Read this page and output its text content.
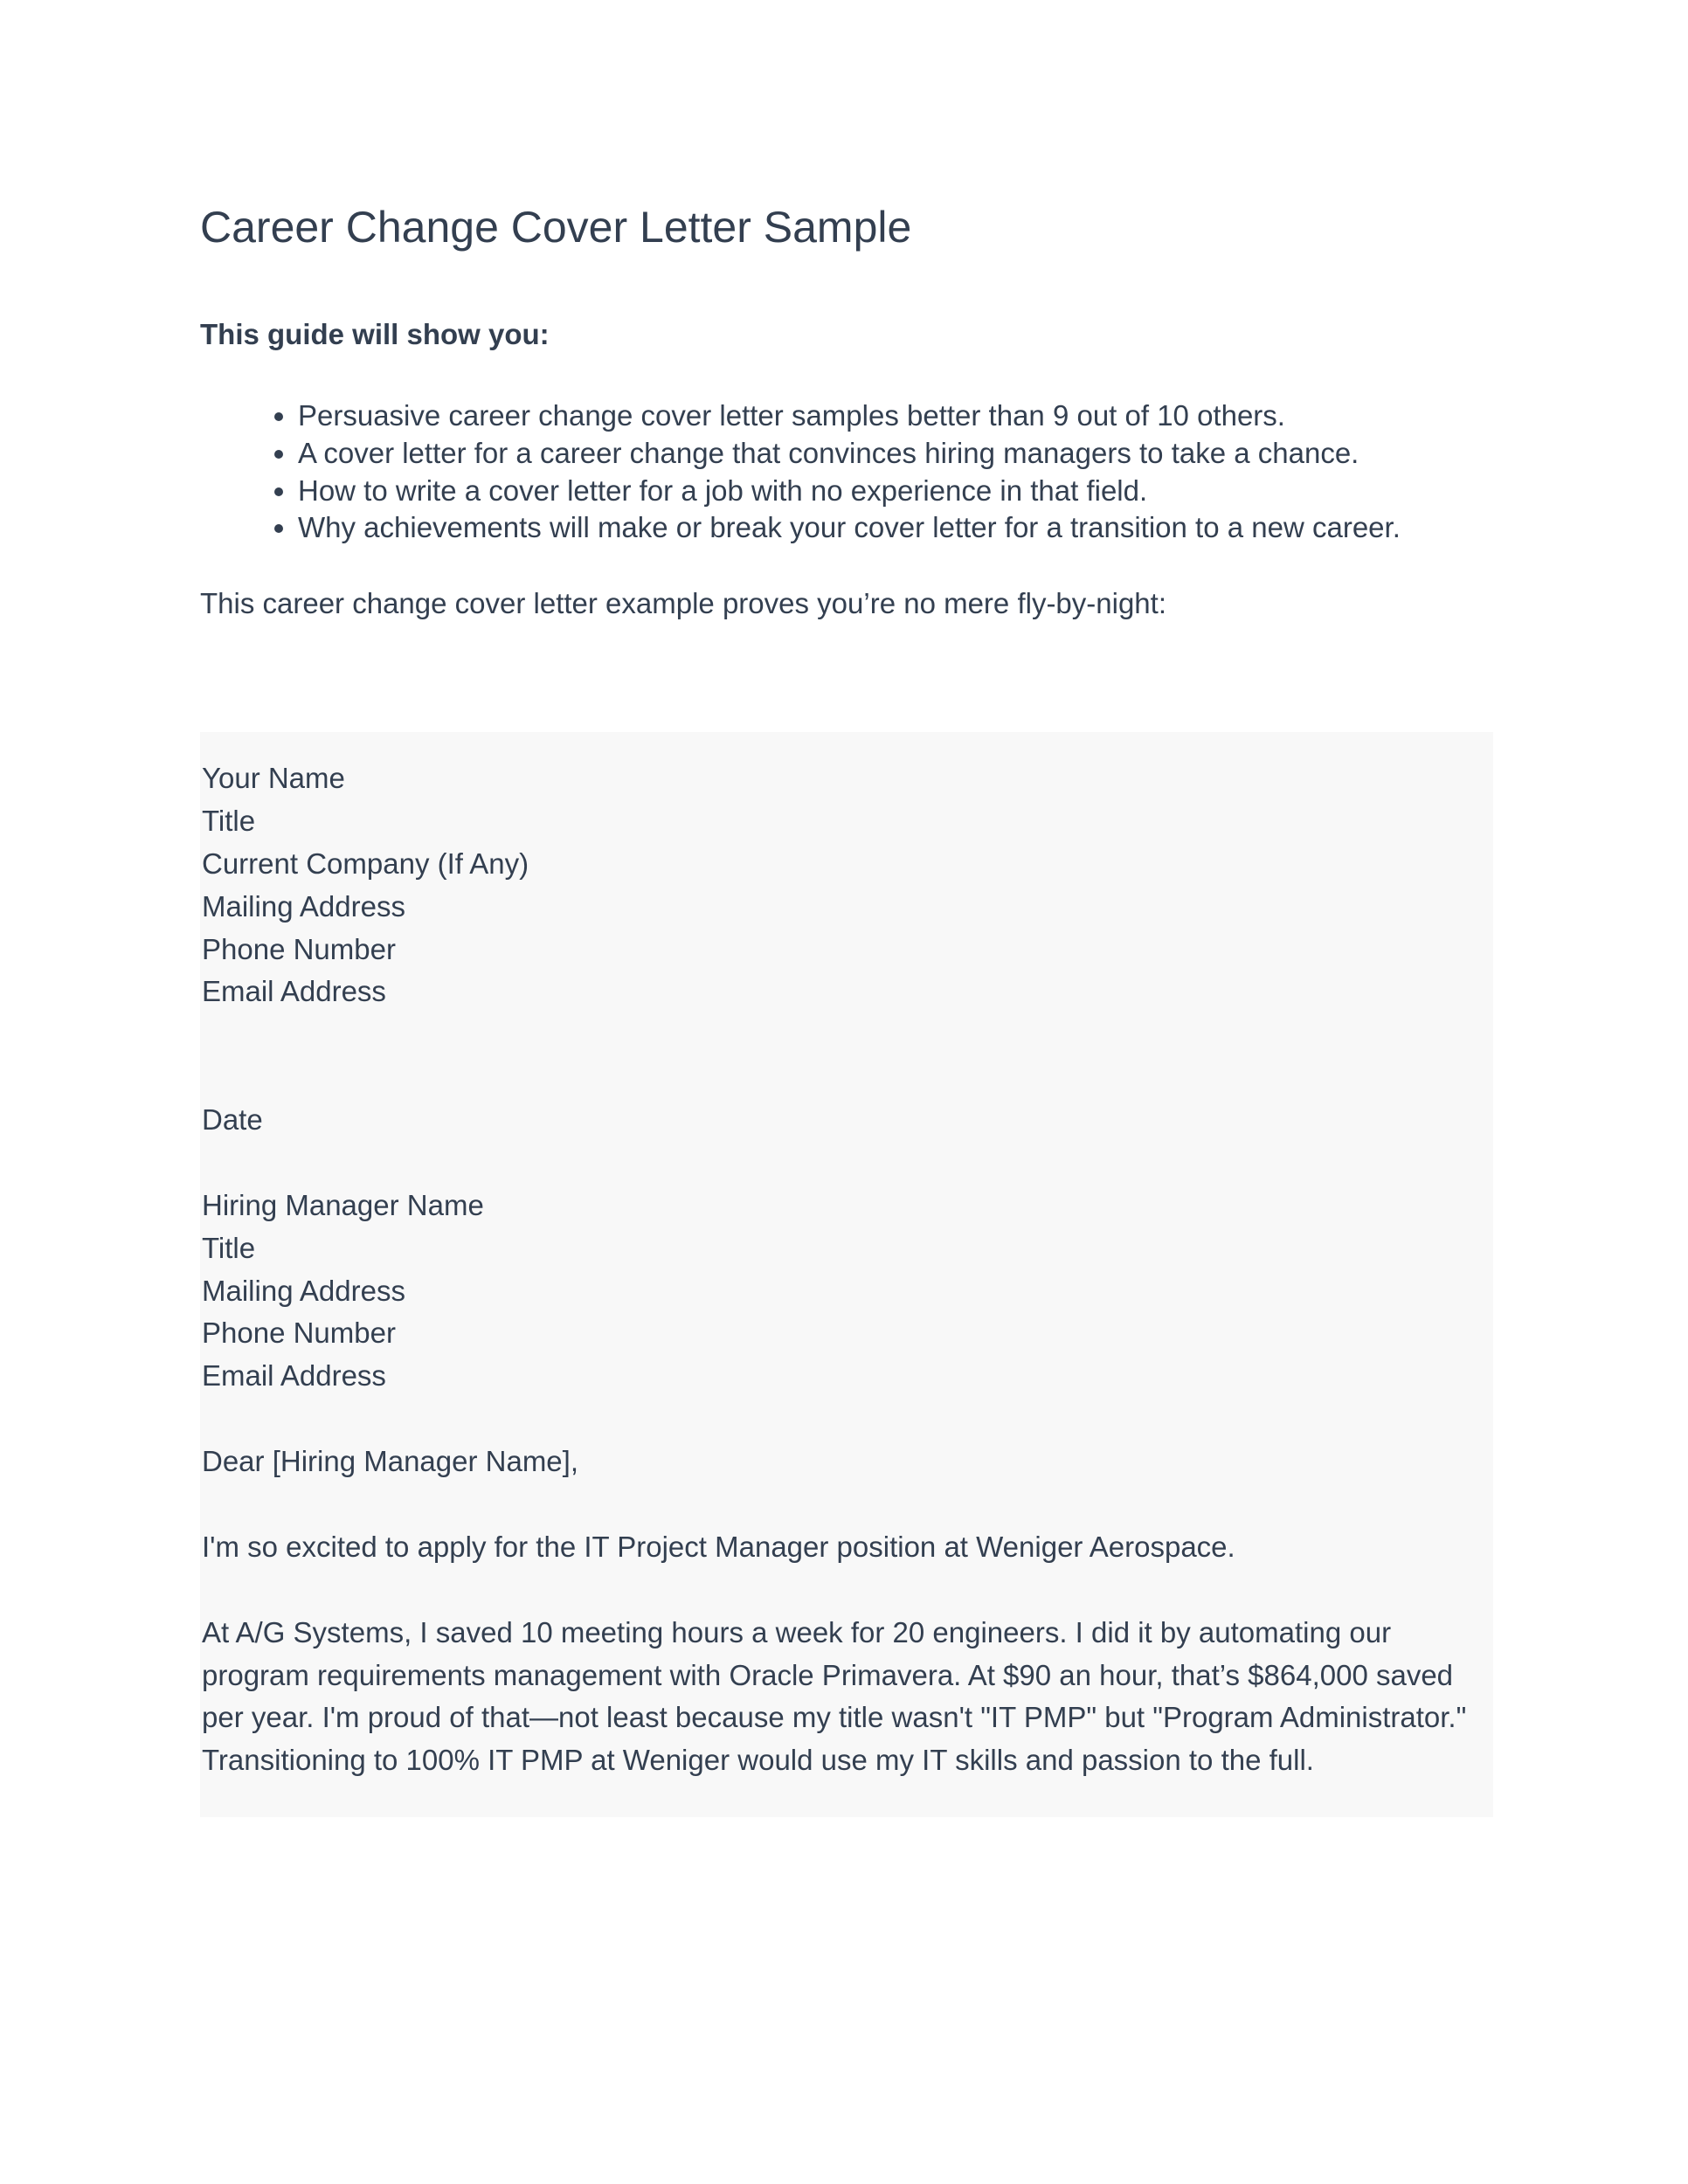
Career Change Cover Letter Sample

This guide will show you:

• Persuasive career change cover letter samples better than 9 out of 10 others.
• A cover letter for a career change that convinces hiring managers to take a chance.
• How to write a cover letter for a job with no experience in that field.
• Why achievements will make or break your cover letter for a transition to a new career.

This career change cover letter example proves you’re no mere fly-by-night:

Your Name

Title

Current Company (If Any)

Mailing Address

Phone Number

Email Address

Date

Hiring Manager Name

Title

Mailing Address

Phone Number

Email Address

Dear [Hiring Manager Name],

I'm so excited to apply for the IT Project Manager position at Weniger Aerospace.

At A/G Systems, I saved 10 meeting hours a week for 20 engineers. I did it by automating our program requirements management with Oracle Primavera. At $90 an hour, that’s $864,000 saved per year. I'm proud of that—not least because my title wasn't "IT PMP" but "Program Administrator." Transitioning to 100% IT PMP at Weniger would use my IT skills and passion to the full.
